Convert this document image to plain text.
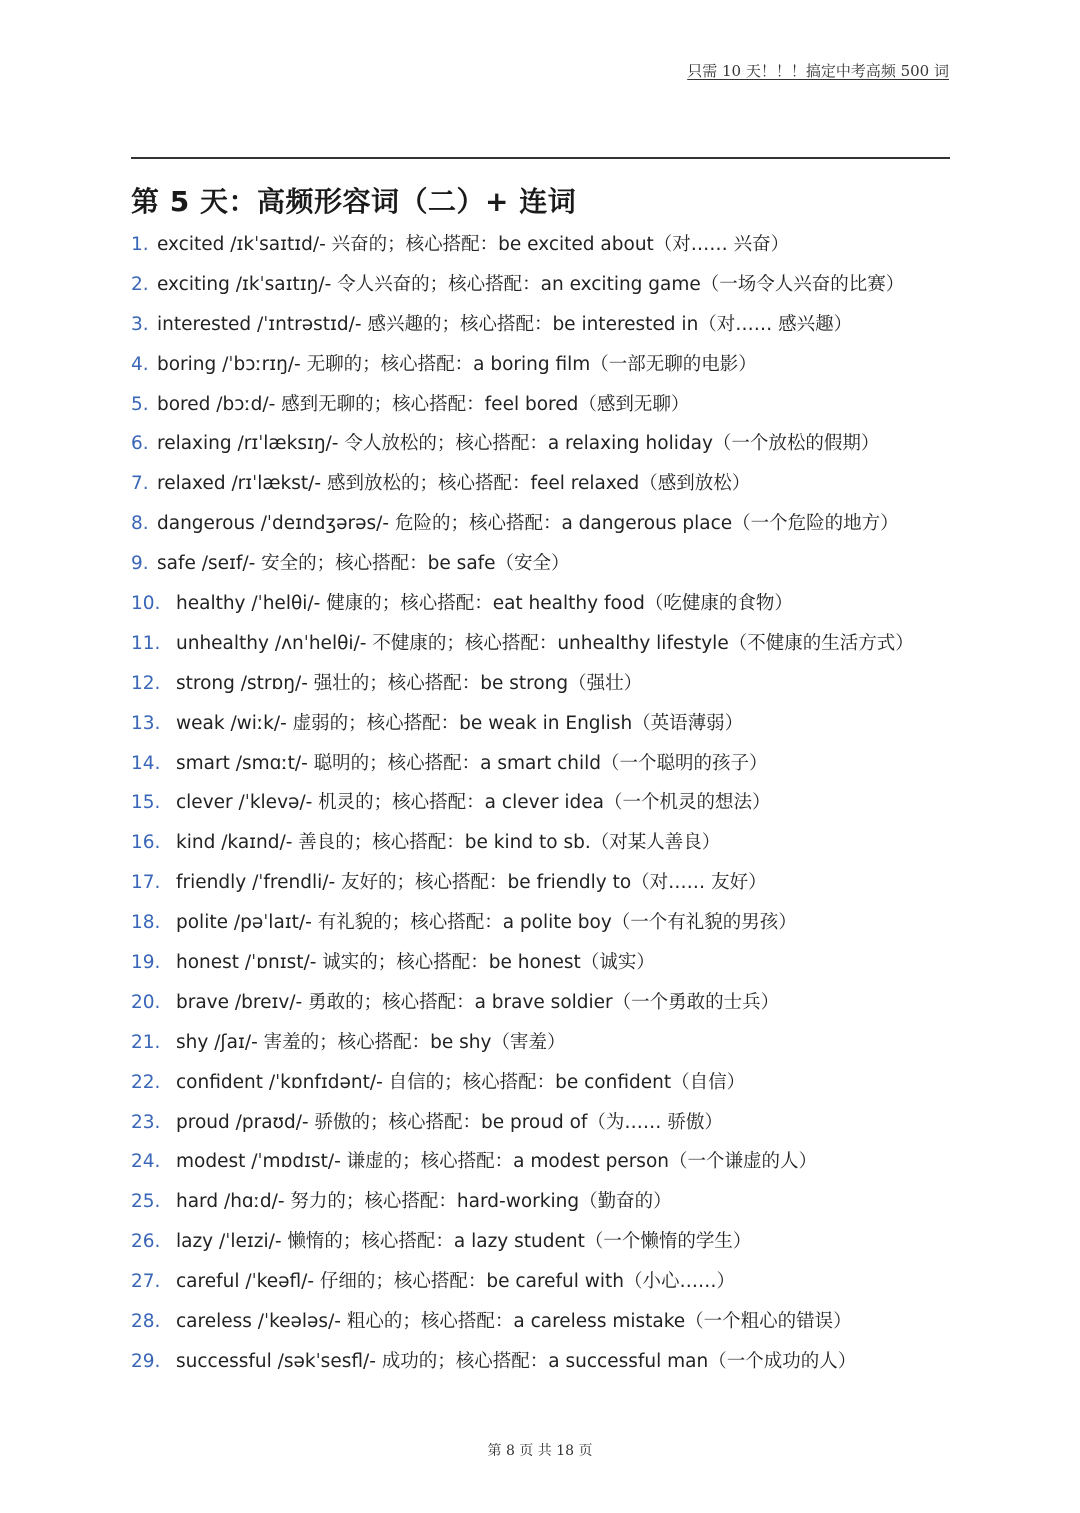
只需 10 天！！！搞定中考高频 500 词
第 5 天：高频形容词（二）+ 连词
1. excited /ɪkˈsaɪtɪd/- 兴奋的；核心搭配：be excited about（对…… 兴奋）
2. exciting /ɪkˈsaɪtɪŋ/- 令人兴奋的；核心搭配：an exciting game（一场令人兴奋的比赛）
3. interested /ˈɪntrəstɪd/- 感兴趣的；核心搭配：be interested in（对…… 感兴趣）
4. boring /ˈbɔːrɪŋ/- 无聊的；核心搭配：a boring film（一部无聊的电影）
5. bored /bɔːd/- 感到无聊的；核心搭配：feel bored（感到无聊）
6. relaxing /rɪˈlæksɪŋ/- 令人放松的；核心搭配：a relaxing holiday（一个放松的假期）
7. relaxed /rɪˈlækst/- 感到放松的；核心搭配：feel relaxed（感到放松）
8. dangerous /ˈdeɪndʒərəs/- 危险的；核心搭配：a dangerous place（一个危险的地方）
9. safe /seɪf/- 安全的；核心搭配：be safe（安全）
10. healthy /ˈhelθi/- 健康的；核心搭配：eat healthy food（吃健康的食物）
11. unhealthy /ʌnˈhelθi/- 不健康的；核心搭配：unhealthy lifestyle（不健康的生活方式）
12. strong /strɒŋ/- 强壮的；核心搭配：be strong（强壮）
13. weak /wiːk/- 虚弱的；核心搭配：be weak in English（英语薄弱）
14. smart /smɑːt/- 聪明的；核心搭配：a smart child（一个聪明的孩子）
15. clever /ˈklevə/- 机灵的；核心搭配：a clever idea（一个机灵的想法）
16. kind /kaɪnd/- 善良的；核心搭配：be kind to sb.（对某人善良）
17. friendly /ˈfrendli/- 友好的；核心搭配：be friendly to（对…… 友好）
18. polite /pəˈlaɪt/- 有礼貌的；核心搭配：a polite boy（一个有礼貌的男孩）
19. honest /ˈɒnɪst/- 诚实的；核心搭配：be honest（诚实）
20. brave /breɪv/- 勇敢的；核心搭配：a brave soldier（一个勇敢的士兵）
21. shy /ʃaɪ/- 害羞的；核心搭配：be shy（害羞）
22. confident /ˈkɒnfɪdənt/- 自信的；核心搭配：be confident（自信）
23. proud /praʊd/- 骄傲的；核心搭配：be proud of（为…… 骄傲）
24. modest /ˈmɒdɪst/- 谦虚的；核心搭配：a modest person（一个谦虚的人）
25. hard /hɑːd/- 努力的；核心搭配：hard-working（勤奋的）
26. lazy /ˈleɪzi/- 懒惰的；核心搭配：a lazy student（一个懒惰的学生）
27. careful /ˈkeəfl/- 仔细的；核心搭配：be careful with（小心……）
28. careless /ˈkeələs/- 粗心的；核心搭配：a careless mistake（一个粗心的错误）
29. successful /səkˈsesfl/- 成功的；核心搭配：a successful man（一个成功的人）
第 8 页 共 18 页
